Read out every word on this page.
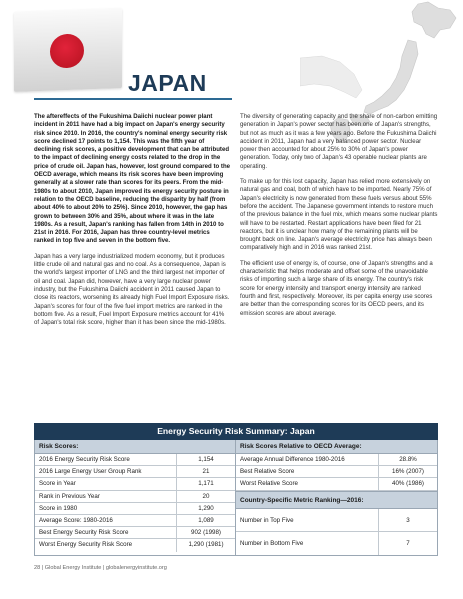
JAPAN

The aftereffects of the Fukushima Daiichi nuclear power plant incident in 2011 have had a big impact on Japan's energy security risk since 2010. In 2016, the country's nominal energy security risk score declined 17 points to 1,154. This was the fifth year of declining risk scores, a positive development that can be attributed to the impact of declining energy costs related to the drop in the price of crude oil. Japan has, however, lost ground compared to the OECD average, which means its risk scores have been improving generally at a slower rate than scores for its peers. From the mid-1980s to about 2010, Japan improved its energy security posture in relation to the OECD baseline, reducing the disparity by half (from about 40% to about 20% to 25%). Since 2010, however, the gap has grown to between 30% and 35%, about where it was in the late 1980s. As a result, Japan's ranking has fallen from 14th in 2010 to 21st in 2016. For 2016, Japan has three country-level metrics ranked in top five and seven in the bottom five.

Japan has a very large industrialized modern economy, but it produces little crude oil and natural gas and no coal. As a consequence, Japan is the world's largest importer of LNG and the third largest net importer of oil and coal. Japan did, however, have a very large nuclear power industry, but the Fukushima Daiichi accident in 2011 caused Japan to close its reactors, worsening its already high Fuel Import Exposure risks. Japan's scores for four of the five fuel import metrics are ranked in the bottom five. As a result, Fuel Import Exposure metrics account for 41% of Japan's total risk score, higher than it has been since the mid-1980s.

The diversity of generating capacity and the share of non-carbon emitting generation in Japan's power sector has been one of Japan's strengths, but not as much as it was a few years ago. Before the Fukushima Daiichi accident in 2011, Japan had a very balanced power sector. Nuclear power then accounted for about 25% to 30% of Japan's power generation. Today, only two of Japan's 43 operable nuclear plants are operating.

To make up for this lost capacity, Japan has relied more extensively on natural gas and coal, both of which have to be imported. Nearly 75% of Japan's electricity is now generated from these fuels versus about 55% before the accident. The Japanese government intends to restore much of the previous balance in the fuel mix, which means some nuclear plants will have to be restarted. Restart applications have been filed for 21 reactors, but it is unclear how many of the remaining plants will be brought back on line. Japan's average electricity price has always been comparatively high and in 2016 was ranked 21st.

The efficient use of energy is, of course, one of Japan's strengths and a characteristic that helps moderate and offset some of the unavoidable risks of importing such a large share of its energy. The country's risk score for energy intensity and transport energy intensity are ranked fourth and first, respectively. Moreover, its per capita energy use scores are better than the corresponding scores for its OECD peers, and its emission scores are about average.

Energy Security Risk Summary: Japan
Risk Scores:
2016 Energy Security Risk Score	1,154
2016 Large Energy User Group Rank	21
Score in Year	1,171
Rank in Previous Year	20
Score in 1980	1,290
Average Score: 1980-2016	1,089
Best Energy Security Risk Score	902 (1998)
Worst Energy Security Risk Score	1,290 (1981)
Risk Scores Relative to OECD Average:
Average Annual Difference 1980-2016	28.8%
Best Relative Score	16% (2007)
Worst Relative Score	40% (1986)
Country-Specific Metric Ranking—2016:
Number in Top Five	3
Number in Bottom Five	7
28 | Global Energy Institute | globalenergyinstitute.org
